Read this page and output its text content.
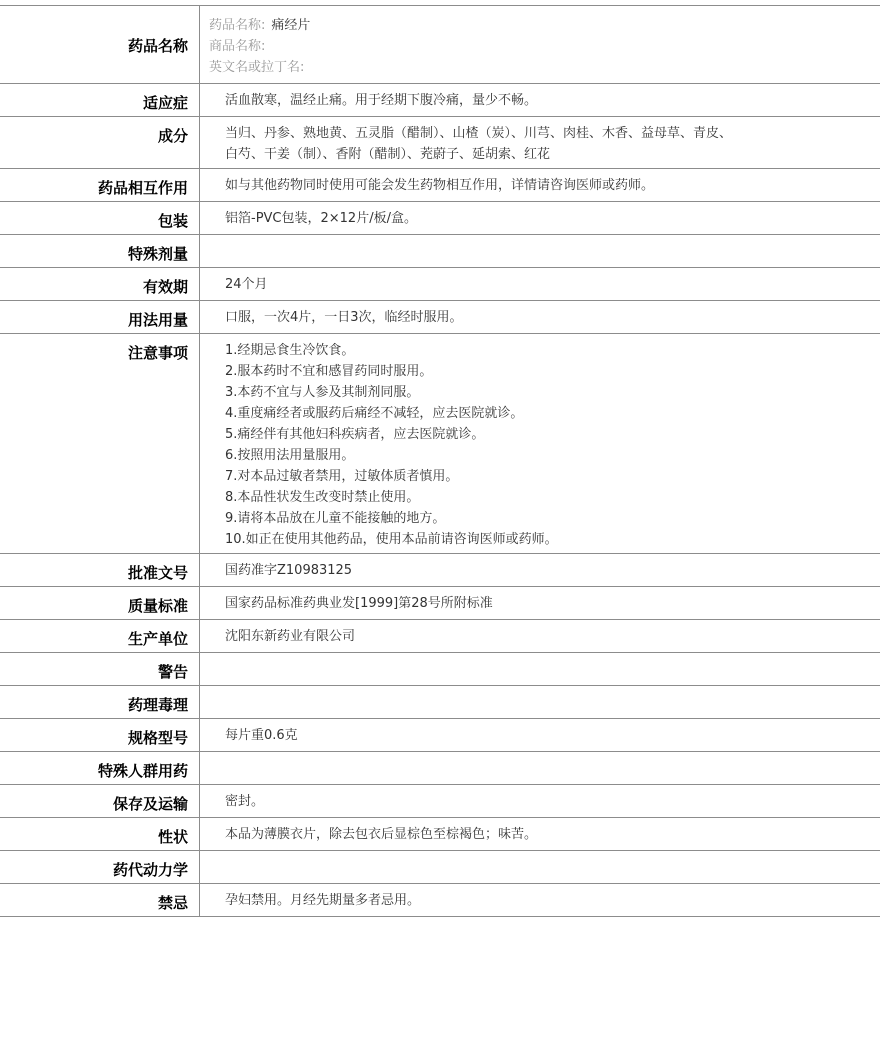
药品名称
药品名称: 痛经片
商品名称:
英文名或拉丁名:
适应症	活血散寒，温经止痛。用于经期下腹冷痛，量少不畅。
成分	当归、丹参、熟地黄、五灵脂（醋制）、山楂（炭）、川芎、肉桂、木香、益母草、青皮、
白芍、干姜（制）、香附（醋制）、茺蔚子、延胡索、红花
药品相互作用	如与其他药物同时使用可能会发生药物相互作用，详情请咨询医师或药师。
包装	铝箔-PVC包装，2×12片/板/盒。
特殊剂量
有效期	24个月
用法用量	口服，一次4片，一日3次，临经时服用。
注意事项	1.经期忌食生冷饮食。
2.服本药时不宜和感冒药同时服用。
3.本药不宜与人参及其制剂同服。
4.重度痛经者或服药后痛经不减轻，应去医院就诊。
5.痛经伴有其他妇科疾病者，应去医院就诊。
6.按照用法用量服用。
7.对本品过敏者禁用，过敏体质者慎用。
8.本品性状发生改变时禁止使用。
9.请将本品放在儿童不能接触的地方。
10.如正在使用其他药品，使用本品前请咨询医师或药师。
批准文号	国药准字Z10983125
质量标准	国家药品标准药典业发[1999]第28号所附标准
生产单位	沈阳东新药业有限公司
警告
药理毒理
规格型号	每片重0.6克
特殊人群用药
保存及运输	密封。
性状	本品为薄膜衣片，除去包衣后显棕色至棕褐色；味苦。
药代动力学
禁忌	孕妇禁用。月经先期量多者忌用。
